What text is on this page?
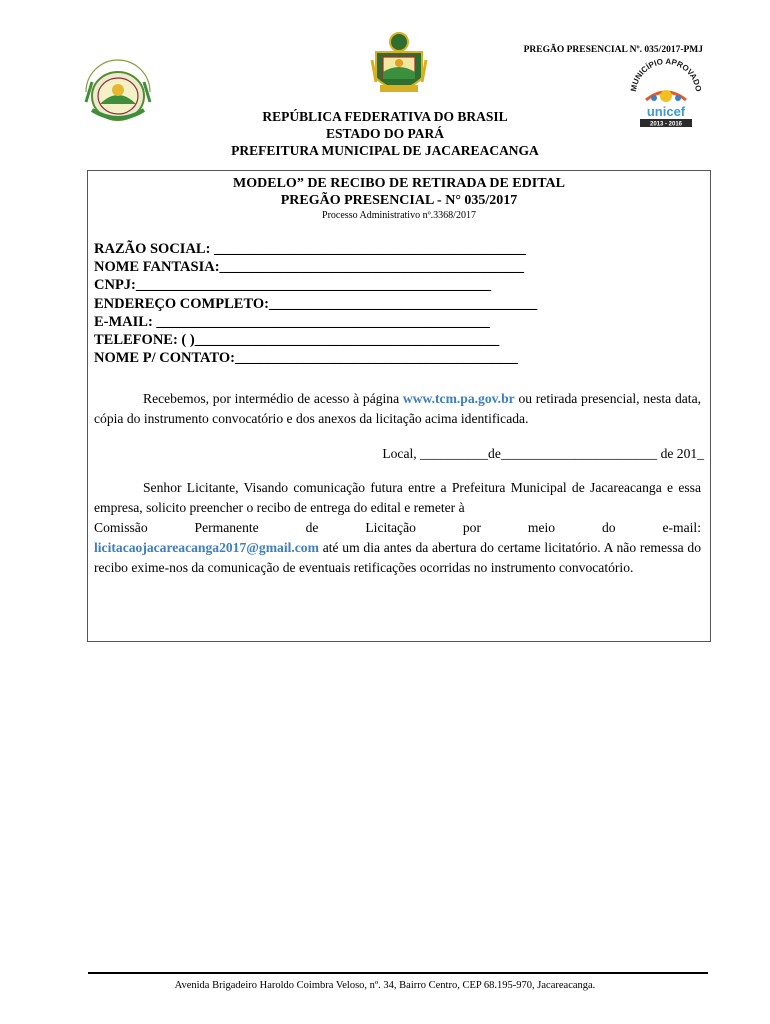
PREGÃO PRESENCIAL Nº. 035/2017-PMJ
MUNICÍPIO APROVADO
unicef
2013 - 2016
REPÚBLICA FEDERATIVA DO BRASIL
ESTADO DO PARÁ
PREFEITURA MUNICIPAL DE JACAREACANGA
MODELO” DE RECIBO DE RETIRADA DE EDITAL
PREGÃO PRESENCIAL - N° 035/2017
Processo Administrativo nº.3368/2017
RAZÃO SOCIAL: ___________________________________________
NOME FANTASIA:__________________________________________
CNPJ:_________________________________________________
ENDEREÇO COMPLETO:_____________________________________
E-MAIL: ______________________________________________
TELEFONE: ( )__________________________________________
NOME P/ CONTATO:_______________________________________
Recebemos, por intermédio de acesso à página www.tcm.pa.gov.br ou retirada presencial, nesta data, cópia do instrumento convocatório e dos anexos da licitação acima identificada.
Local, __________de_______________________ de 201_
Senhor Licitante, Visando comunicação futura entre a Prefeitura Municipal de Jacareacanga e essa empresa, solicito preencher o recibo de entrega do edital e remeter à
Comissão	Permanente	de	Licitação	por	meio	do	e-mail:
licitacaojacareacanga2017@gmail.com até um dia antes da abertura do certame licitatório. A não remessa do recibo exime-nos da comunicação de eventuais retificações ocorridas no instrumento convocatório.
Avenida Brigadeiro Haroldo Coimbra Veloso, nº. 34, Bairro Centro, CEP 68.195-970, Jacareacanga.
